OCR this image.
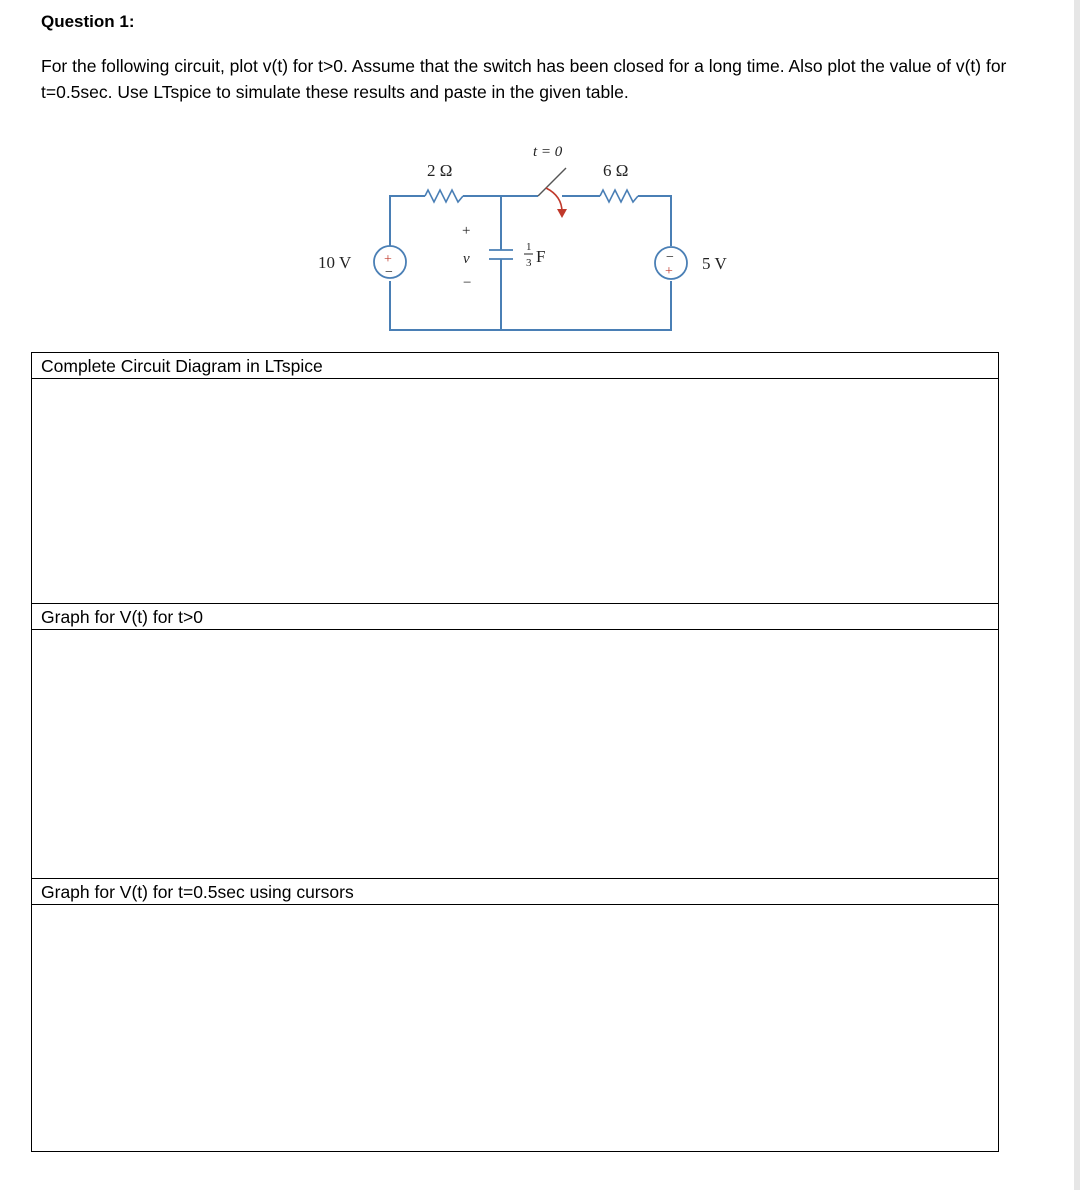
Question 1:

For the following circuit, plot v(t) for t>0. Assume that the switch has been closed for a long time. Also plot the value of v(t) for t=0.5sec. Use LTspice to simulate these results and paste in the given table.

2 Ω	6 Ω
t = 0
10 V	5 V
+
−
−
+
+
v
−
1
3 F
Complete Circuit Diagram in LTspice
Graph for V(t) for t>0
Graph for V(t) for t=0.5sec using cursors
